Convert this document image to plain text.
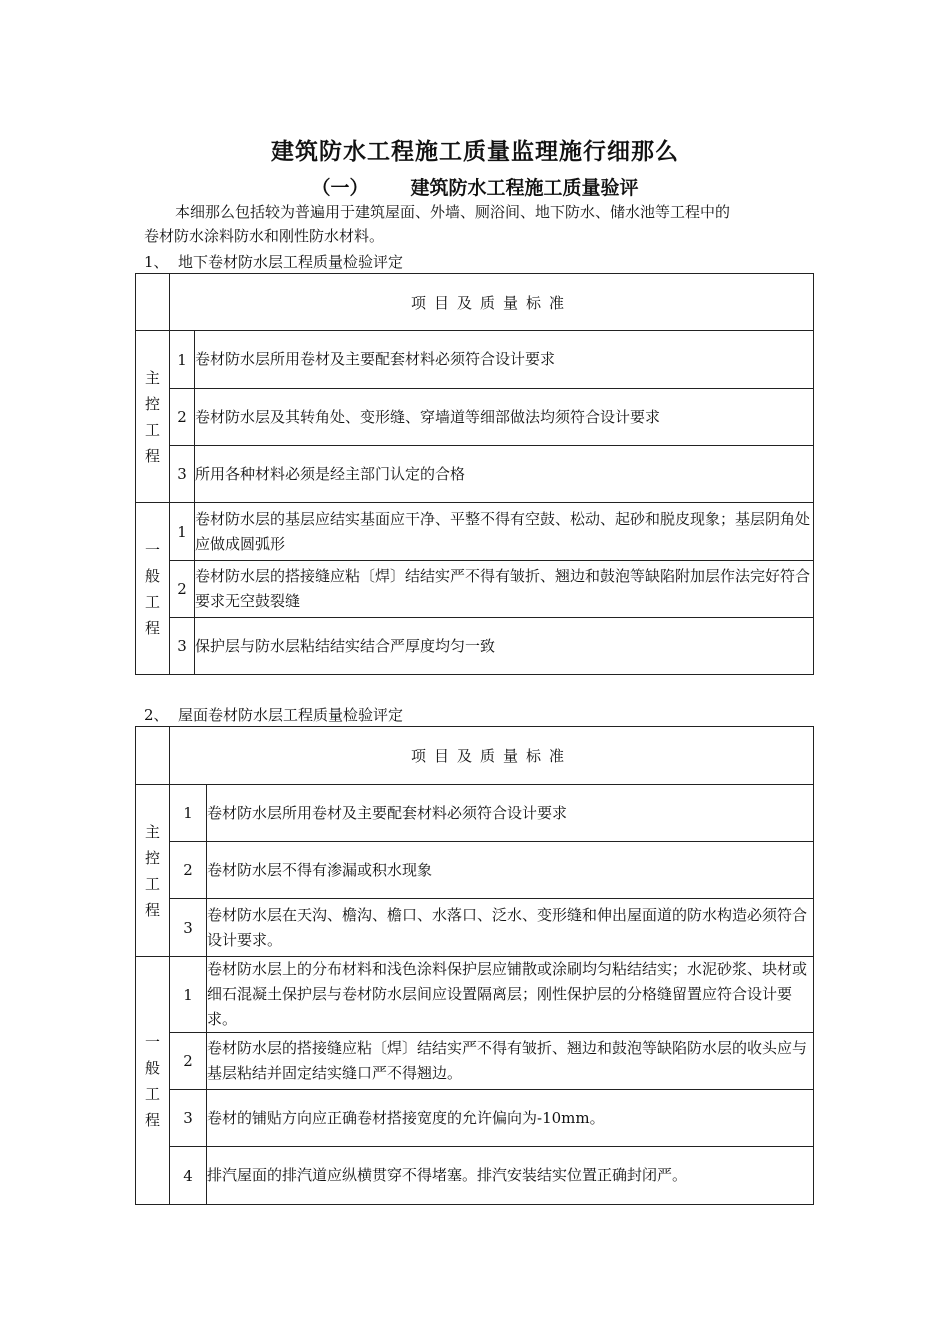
建筑防水工程施工质量监理施行细那么
（一） 建筑防水工程施工质量验评
本细那么包括较为普遍用于建筑屋面、外墙、厕浴间、地下防水、储水池等工程中的
卷材防水涂料防水和刚性防水材料。
1、 地下卷材防水层工程质量检验评定
	项目及质量标准	

主
控
工
程	1	卷材防水层所用卷材及主要配套材料必须符合设计要求
	2	卷材防水层及其转角处、变形缝、穿墙道等细部做法均须符合设计要求
	3	所用各种材料必须是经主部门认定的合格

一
般
工
程	1	卷材防水层的基层应结实基面应干净、平整不得有空鼓、松动、起砂和脱皮现象；基层阴角处应做成圆弧形
	2	卷材防水层的搭接缝应粘〔焊〕结结实严不得有皱折、翘边和鼓泡等缺陷附加层作法完好符合要求无空鼓裂缝
	3	保护层与防水层粘结结实结合严厚度均匀一致
2、 屋面卷材防水层工程质量检验评定
	项目及质量标准	

主
控
工
程	1	卷材防水层所用卷材及主要配套材料必须符合设计要求
	2	卷材防水层不得有渗漏或积水现象
	3	卷材防水层在天沟、檐沟、檐口、水落口、泛水、变形缝和伸出屋面道的防水构造必须符合设计要求。

一
般
工
程	1	卷材防水层上的分布材料和浅色涂料保护层应铺散或涂刷均匀粘结结实；水泥砂浆、块材或细石混凝土保护层与卷材防水层间应设置隔离层；刚性保护层的分格缝留置应符合设计要求。
	2	卷材防水层的搭接缝应粘〔焊〕结结实严不得有皱折、翘边和鼓泡等缺陷防水层的收头应与基层粘结并固定结实缝口严不得翘边。
	3	卷材的铺贴方向应正确卷材搭接宽度的允许偏向为-10mm。
	4	排汽屋面的排汽道应纵横贯穿不得堵塞。排汽安装结实位置正确封闭严。
